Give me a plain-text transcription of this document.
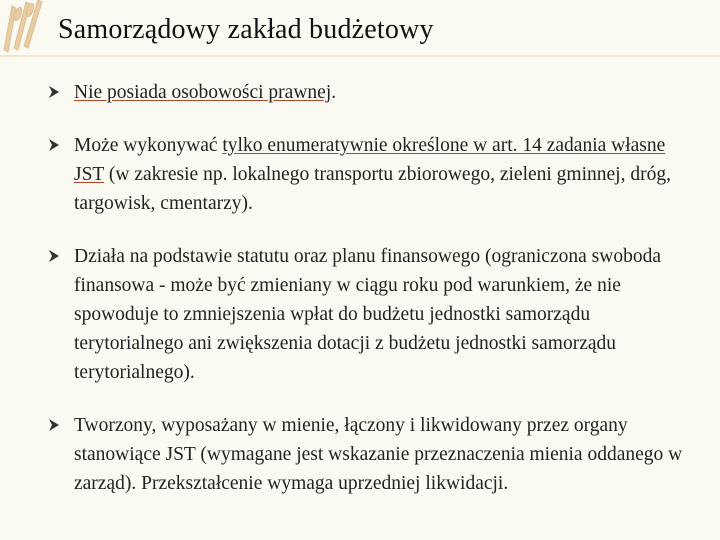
Samorządowy zakład budżetowy
Nie posiada osobowości prawnej.
Może wykonywać tylko enumeratywnie określone w art. 14 zadania własne JST (w zakresie np. lokalnego transportu zbiorowego, zieleni gminnej, dróg, targowisk, cmentarzy).
Działa na podstawie statutu oraz planu finansowego (ograniczona swoboda finansowa - może być zmieniany w ciągu roku pod warunkiem, że nie spowoduje to zmniejszenia wpłat do budżetu jednostki samorządu terytorialnego ani zwiększenia dotacji z budżetu jednostki samorządu terytorialnego).
Tworzony, wyposażany w mienie, łączony i likwidowany przez organy stanowiące JST (wymagane jest wskazanie przeznaczenia mienia oddanego w zarząd). Przekształcenie wymaga uprzedniej likwidacji.
